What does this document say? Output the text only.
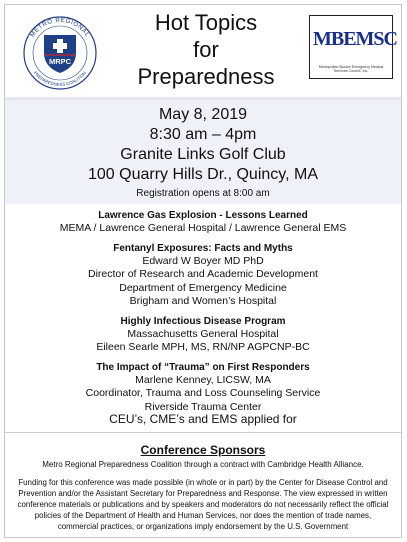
METRO REGIONAL
PREPAREDNESS COALITION
MRPC
Hot Topics
for
Preparedness
MBEMSC
Metropolitan Boston Emergency Medical Services Council, Inc.
May 8, 2019
8:30 am – 4pm
Granite Links Golf Club
100 Quarry Hills Dr., Quincy, MA
Registration opens at 8:00 am
Lawrence Gas Explosion - Lessons Learned
MEMA / Lawrence General Hospital / Lawrence General EMS
Fentanyl Exposures: Facts and Myths
Edward W Boyer MD PhD
Director of Research and Academic Development
Department of Emergency Medicine
Brigham and Women’s Hospital
Highly Infectious Disease Program
Massachusetts General Hospital
Eileen Searle MPH, MS, RN/NP AGPCNP-BC
The Impact of “Trauma” on First Responders
Marlene Kenney, LICSW, MA
Coordinator, Trauma and Loss Counseling Service
Riverside Trauma Center
CEU’s, CME’s and EMS applied for
Conference Sponsors
Metro Regional Preparedness Coalition through a contract with Cambridge Health Alliance.
Funding for this conference was made possible (in whole or in part) by the Center for Disease Control and
Prevention and/or the Assistant Secretary for Preparedness and Response. The view expressed in written
conference materials or publications and by speakers and moderators do not necessarily reflect the official
policies of the Department of Health and Human Services, nor does the mention of trade names,
commercial practices, or organizations imply endorsement by the U.S. Government
